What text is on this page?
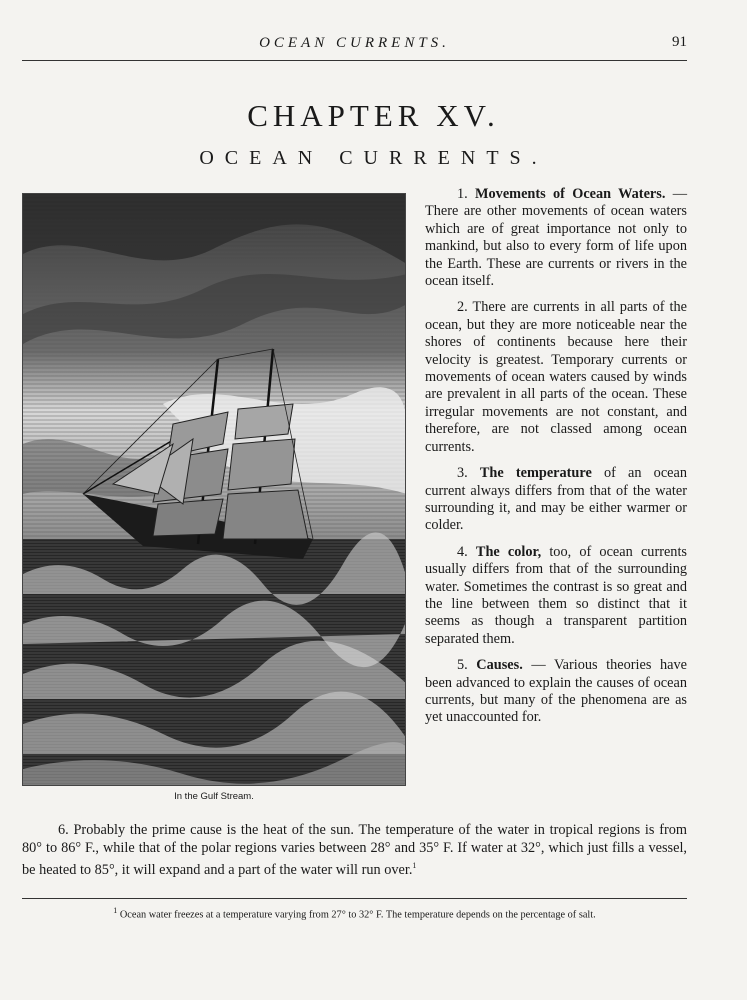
OCEAN CURRENTS.	91
CHAPTER XV.
OCEAN CURRENTS.
In the Gulf Stream.

1. Movements of Ocean Waters. — There are other movements of ocean waters which are of great importance not only to mankind, but also to every form of life upon the Earth. These are currents or rivers in the ocean itself.

2. There are currents in all parts of the ocean, but they are more noticeable near the shores of continents because here their velocity is greatest. Temporary currents or movements of ocean waters caused by winds are prevalent in all parts of the ocean. These irregular movements are not constant, and therefore, are not classed among ocean currents.

3. The temperature of an ocean current always differs from that of the water surrounding it, and may be either warmer or colder.

4. The color, too, of ocean currents usually differs from that of the surrounding water. Sometimes the contrast is so great and the line between them so distinct that it seems as though a transparent partition separated them.

5. Causes. — Various theories have been advanced to explain the causes of ocean currents, but many of the phenomena are as yet unaccounted for.

6. Probably the prime cause is the heat of the sun. The temperature of the water in tropical regions is from 80° to 86° F., while that of the polar regions varies between 28° and 35° F. If water at 32°, which just fills a vessel, be heated to 85°, it will expand and a part of the water will run over.$^1$

$^1$ Ocean water freezes at a temperature varying from 27° to 32° F. The temperature depends on the percentage of salt.
